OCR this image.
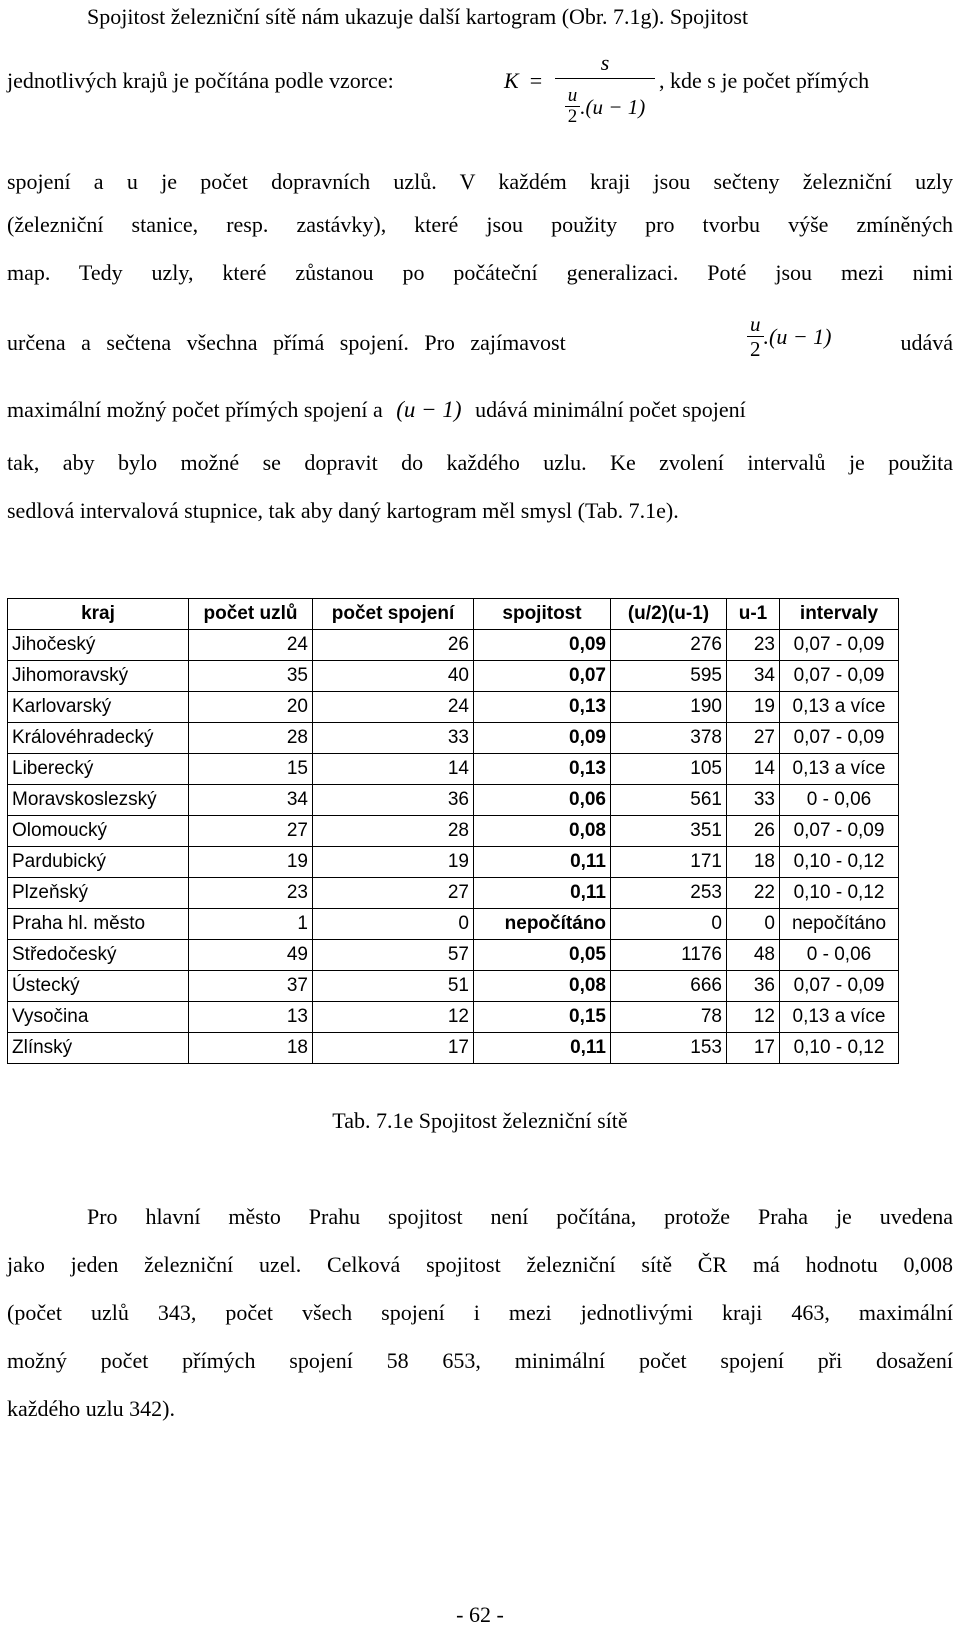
Spojitost železniční sítě nám ukazuje další kartogram (Obr. 7.1g). Spojitost
jednotlivých krajů je počítána podle vzorce:	K =
s
$\frac{u}{2} .(u - 1)$
, kde s je počet přímých
spojení a u je počet dopravních uzlů. V každém kraji jsou sečteny železniční uzly
(železniční stanice, resp. zastávky), které jsou použity pro tvorbu výše zmíněných
map. Tedy uzly, které zůstanou po počáteční generalizaci. Poté jsou mezi nimi
určena a sečtena všechna přímá spojení. Pro zajímavost	$\frac{u}{2} .(u - 1)$	udává
maximální možný počet přímých spojení a (u − 1) udává minimální počet spojení
tak, aby bylo možné se dopravit do každého uzlu. Ke zvolení intervalů je použita
sedlová intervalová stupnice, tak aby daný kartogram měl smysl (Tab. 7.1e).
kraj	počet uzlů	počet spojení	spojitost	(u/2)(u-1)	u-1	intervaly
Jihočeský	24	26	0,09	276	23	0,07 - 0,09
Jihomoravský	35	40	0,07	595	34	0,07 - 0,09
Karlovarský	20	24	0,13	190	19	0,13 a více
Královéhradecký	28	33	0,09	378	27	0,07 - 0,09
Liberecký	15	14	0,13	105	14	0,13 a více
Moravskoslezský	34	36	0,06	561	33	0 - 0,06
Olomoucký	27	28	0,08	351	26	0,07 - 0,09
Pardubický	19	19	0,11	171	18	0,10 - 0,12
Plzeňský	23	27	0,11	253	22	0,10 - 0,12
Praha hl. město	1	0	nepočítáno	0	0	nepočítáno
Středočeský	49	57	0,05	1176	48	0 - 0,06
Ústecký	37	51	0,08	666	36	0,07 - 0,09
Vysočina	13	12	0,15	78	12	0,13 a více
Zlínský	18	17	0,11	153	17	0,10 - 0,12
Tab. 7.1e Spojitost železniční sítě
Pro hlavní město Prahu spojitost není počítána, protože Praha je uvedena
jako jeden železniční uzel. Celková spojitost železniční sítě ČR má hodnotu 0,008
(počet uzlů 343, počet všech spojení i mezi jednotlivými kraji 463, maximální
možný počet přímých spojení 58 653, minimální počet spojení při dosažení
každého uzlu 342).
- 62 -
